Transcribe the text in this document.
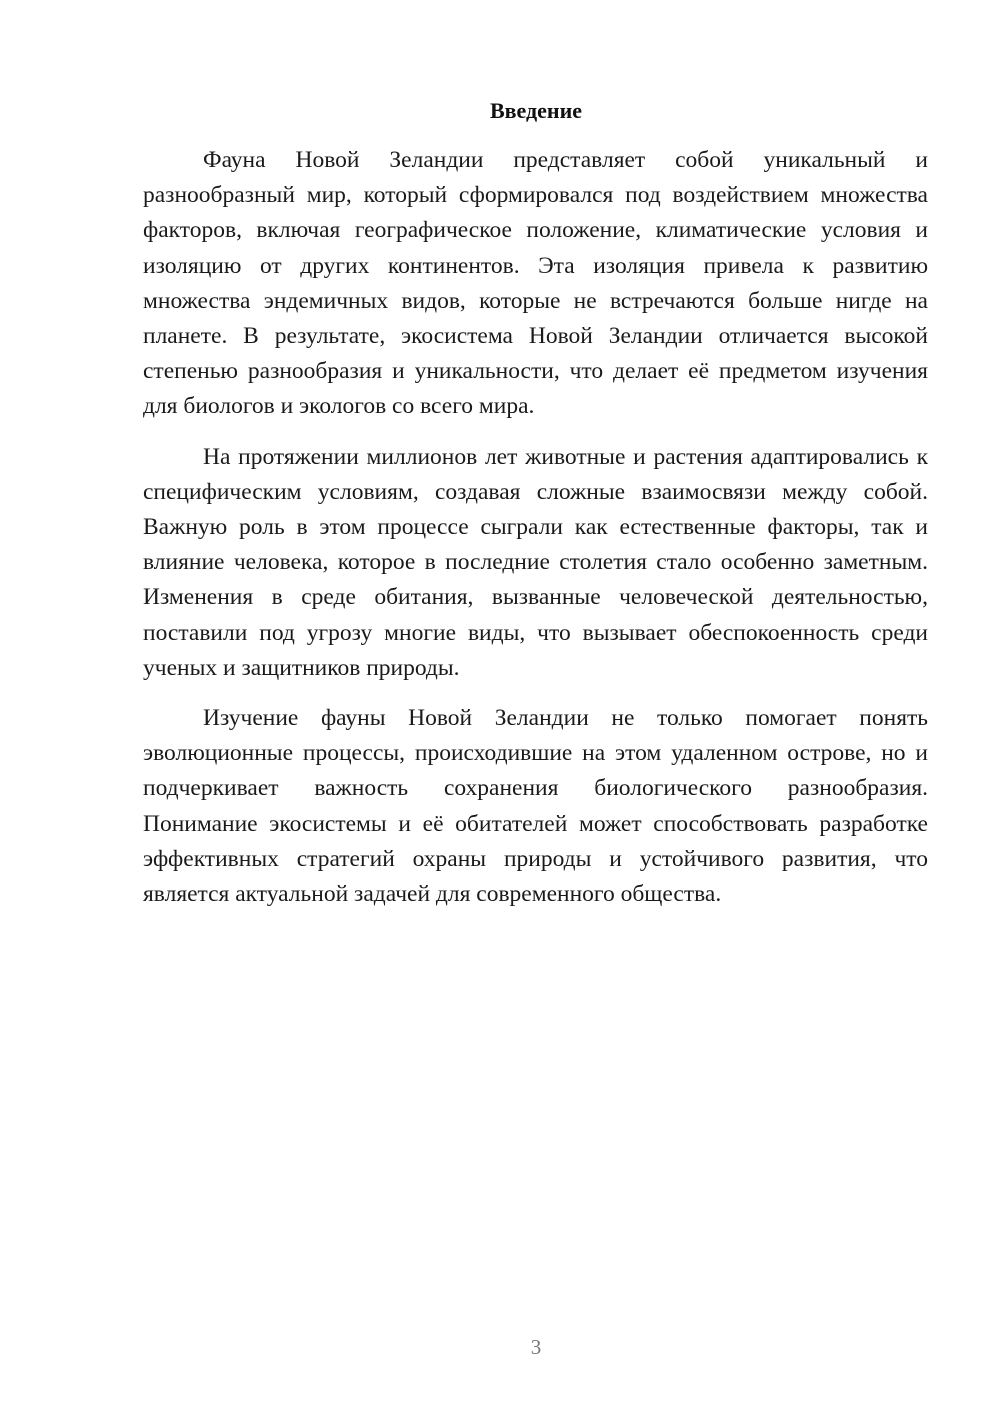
Введение

Фауна Новой Зеландии представляет собой уникальный и разнообразный мир, который сформировался под воздействием множества факторов, включая географическое положение, климатические условия и изоляцию от других континентов. Эта изоляция привела к развитию множества эндемичных видов, которые не встречаются больше нигде на планете. В результате, экосистема Новой Зеландии отличается высокой степенью разнообразия и уникальности, что делает её предметом изучения для биологов и экологов со всего мира.

На протяжении миллионов лет животные и растения адаптировались к специфическим условиям, создавая сложные взаимосвязи между собой. Важную роль в этом процессе сыграли как естественные факторы, так и влияние человека, которое в последние столетия стало особенно заметным. Изменения в среде обитания, вызванные человеческой деятельностью, поставили под угрозу многие виды, что вызывает обеспокоенность среди ученых и защитников природы.

Изучение фауны Новой Зеландии не только помогает понять эволюционные процессы, происходившие на этом удаленном острове, но и подчеркивает важность сохранения биологического разнообразия. Понимание экосистемы и её обитателей может способствовать разработке эффективных стратегий охраны природы и устойчивого развития, что является актуальной задачей для современного общества.

3
